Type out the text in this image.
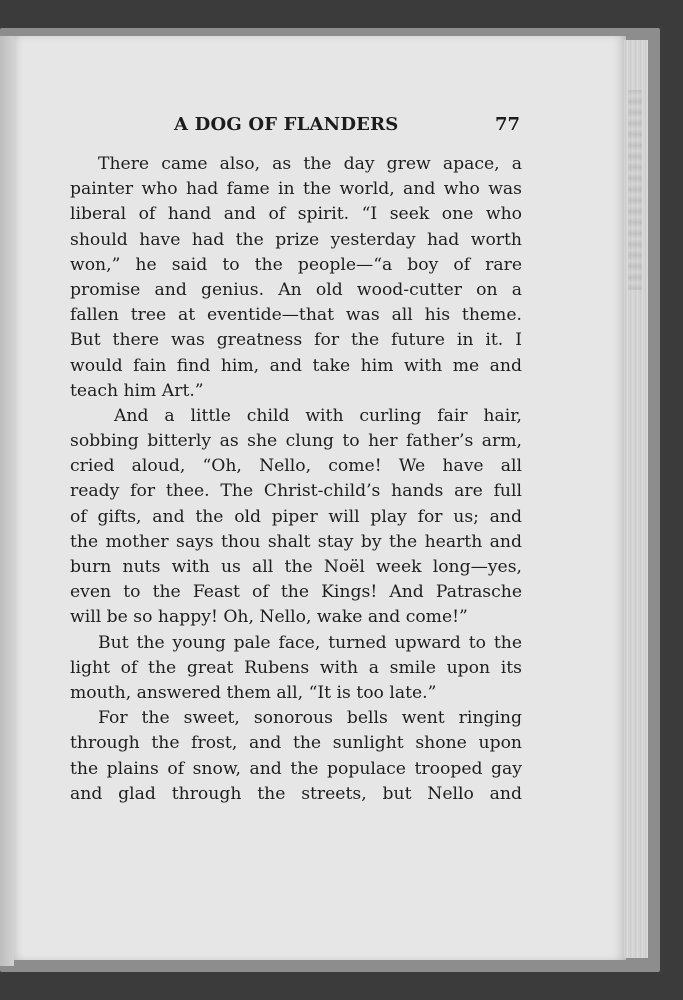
A DOG OF FLANDERS	77
There came also, as the day grew apace, a
painter who had fame in the world, and who was
liberal of hand and of spirit. “I seek one who
should have had the prize yesterday had worth
won,” he said to the people—“a boy of rare
promise and genius. An old wood-cutter on a
fallen tree at eventide—that was all his theme.
But there was greatness for the future in it. I
would fain find him, and take him with me and
teach him Art.”
And a little child with curling fair hair,
sobbing bitterly as she clung to her father’s arm,
cried aloud, “Oh, Nello, come! We have all
ready for thee. The Christ-child’s hands are full
of gifts, and the old piper will play for us; and
the mother says thou shalt stay by the hearth and
burn nuts with us all the Noël week long—yes,
even to the Feast of the Kings! And Patrasche
will be so happy! Oh, Nello, wake and come!”
But the young pale face, turned upward to the
light of the great Rubens with a smile upon its
mouth, answered them all, “It is too late.”
For the sweet, sonorous bells went ringing
through the frost, and the sunlight shone upon
the plains of snow, and the populace trooped gay
and glad through the streets, but Nello and
